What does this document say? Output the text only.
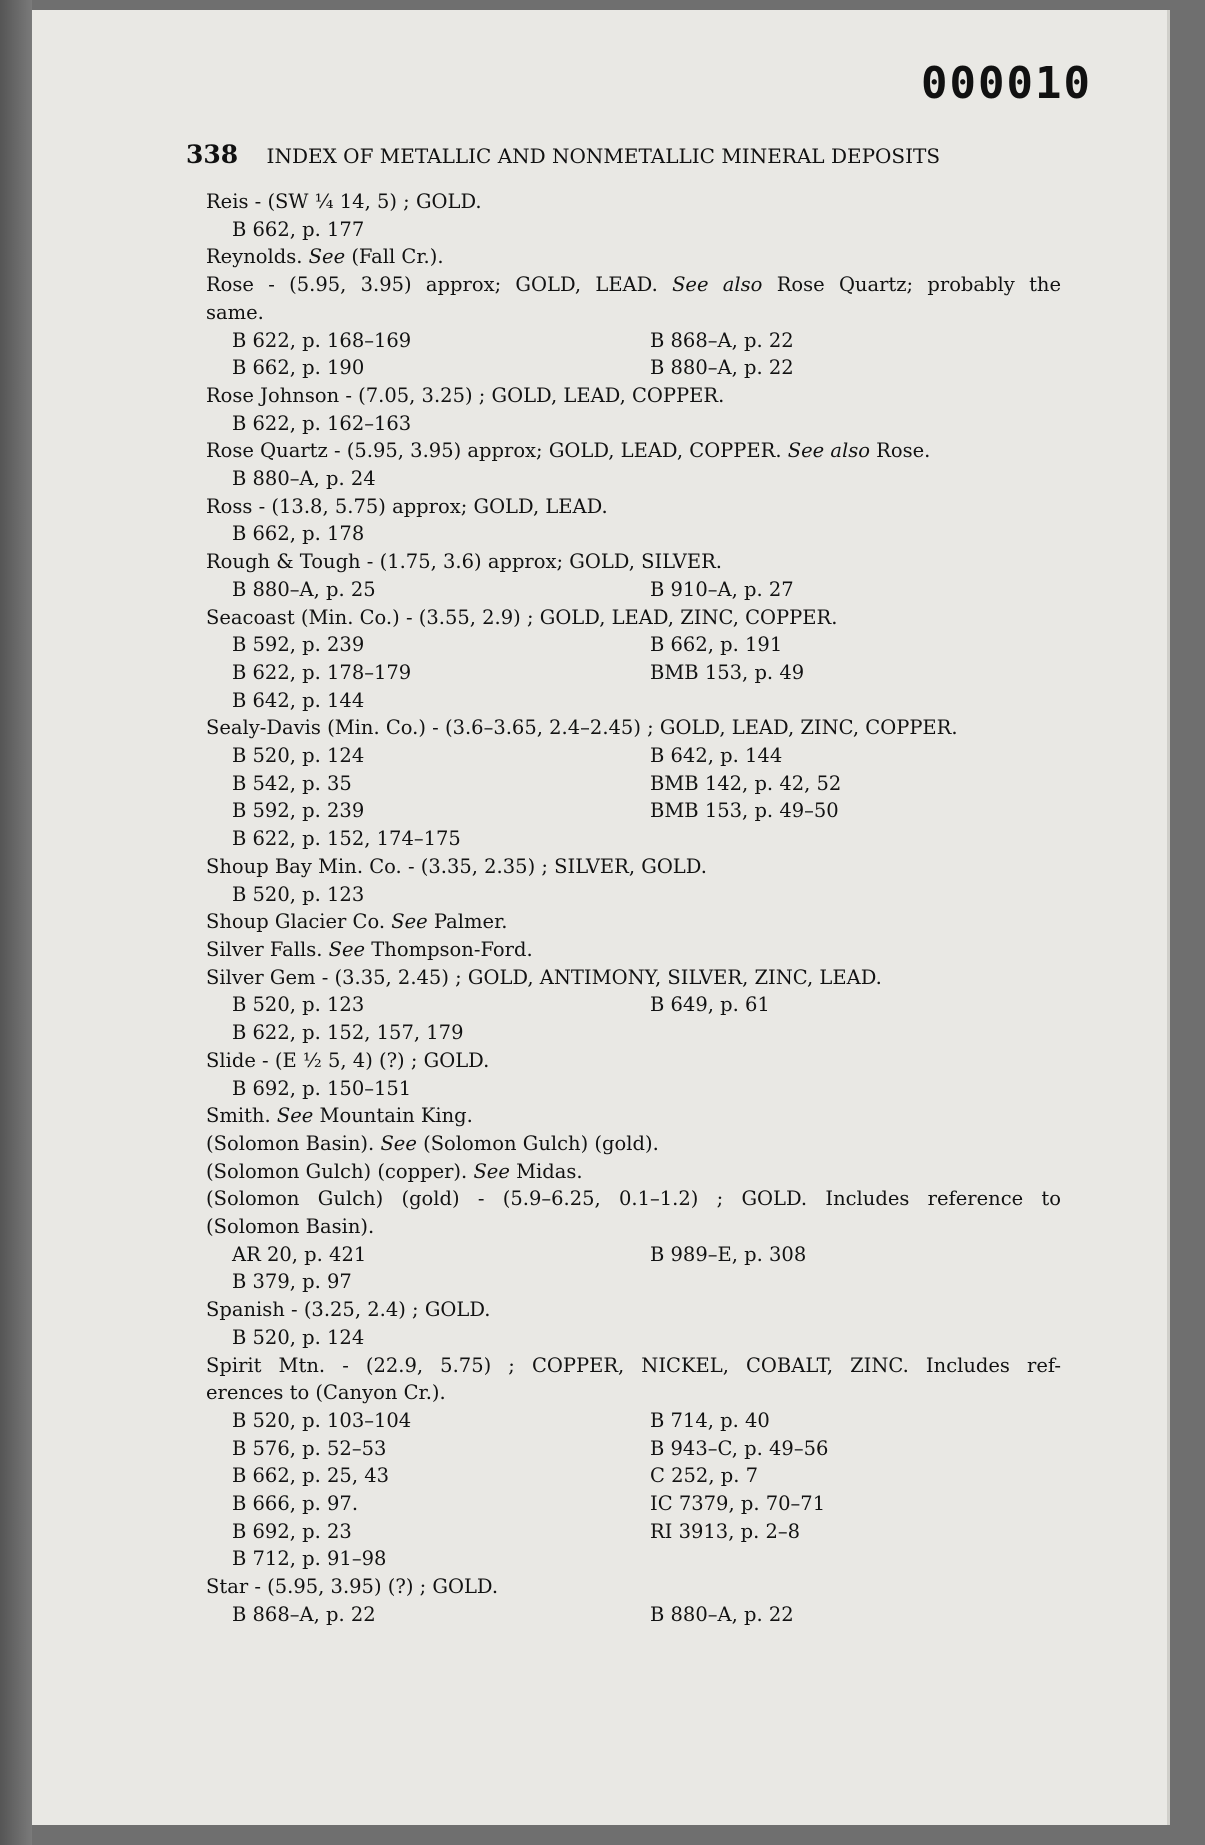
000010
338 INDEX OF METALLIC AND NONMETALLIC MINERAL DEPOSITS
Reis - (SW ¼ 14, 5) ; GOLD.
B 662, p. 177
Reynolds. See (Fall Cr.).
Rose - (5.95, 3.95) approx; GOLD, LEAD. See also Rose Quartz; probably the
same.
B 622, p. 168–169	B 868–A, p. 22
B 662, p. 190	B 880–A, p. 22
Rose Johnson - (7.05, 3.25) ; GOLD, LEAD, COPPER.
B 622, p. 162–163
Rose Quartz - (5.95, 3.95) approx; GOLD, LEAD, COPPER. See also Rose.
B 880–A, p. 24
Ross - (13.8, 5.75) approx; GOLD, LEAD.
B 662, p. 178
Rough & Tough - (1.75, 3.6) approx; GOLD, SILVER.
B 880–A, p. 25	B 910–A, p. 27
Seacoast (Min. Co.) - (3.55, 2.9) ; GOLD, LEAD, ZINC, COPPER.
B 592, p. 239	B 662, p. 191
B 622, p. 178–179	BMB 153, p. 49
B 642, p. 144
Sealy-Davis (Min. Co.) - (3.6–3.65, 2.4–2.45) ; GOLD, LEAD, ZINC, COPPER.
B 520, p. 124	B 642, p. 144
B 542, p. 35	BMB 142, p. 42, 52
B 592, p. 239	BMB 153, p. 49–50
B 622, p. 152, 174–175
Shoup Bay Min. Co. - (3.35, 2.35) ; SILVER, GOLD.
B 520, p. 123
Shoup Glacier Co. See Palmer.
Silver Falls. See Thompson-Ford.
Silver Gem - (3.35, 2.45) ; GOLD, ANTIMONY, SILVER, ZINC, LEAD.
B 520, p. 123	B 649, p. 61
B 622, p. 152, 157, 179
Slide - (E ½ 5, 4) (?) ; GOLD.
B 692, p. 150–151
Smith. See Mountain King.
(Solomon Basin). See (Solomon Gulch) (gold).
(Solomon Gulch) (copper). See Midas.
(Solomon Gulch) (gold) - (5.9–6.25, 0.1–1.2) ; GOLD. Includes reference to
(Solomon Basin).
AR 20, p. 421	B 989–E, p. 308
B 379, p. 97
Spanish - (3.25, 2.4) ; GOLD.
B 520, p. 124
Spirit Mtn. - (22.9, 5.75) ; COPPER, NICKEL, COBALT, ZINC. Includes ref-
erences to (Canyon Cr.).
B 520, p. 103–104	B 714, p. 40
B 576, p. 52–53	B 943–C, p. 49–56
B 662, p. 25, 43	C 252, p. 7
B 666, p. 97.	IC 7379, p. 70–71
B 692, p. 23	RI 3913, p. 2–8
B 712, p. 91–98
Star - (5.95, 3.95) (?) ; GOLD.
B 868–A, p. 22	B 880–A, p. 22
